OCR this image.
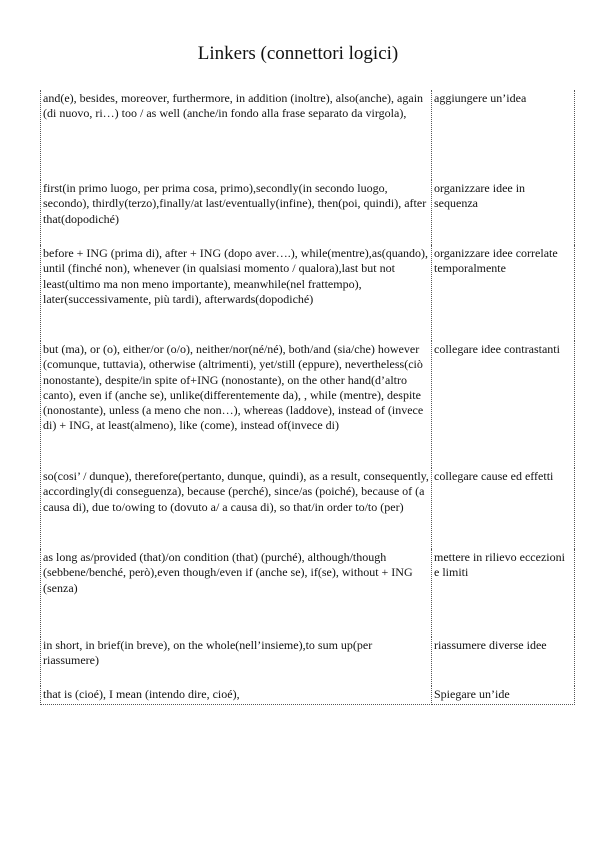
Linkers (connettori logici)
and(e), besides, moreover, furthermore, in addition (inoltre), also(anche), again (di nuovo, ri…) too / as well (anche/in fondo alla frase separato da virgola),	aggiungere un’idea
first(in primo luogo, per prima cosa, primo),secondly(in secondo luogo, secondo), thirdly(terzo),finally/at last/eventually(infine), then(poi, quindi), after that(dopodiché)	organizzare idee in sequenza
before + ING (prima di), after + ING (dopo aver….), while(mentre),as(quando), until (finché non), whenever (in qualsiasi momento / qualora),last but not least(ultimo ma non meno importante), meanwhile(nel frattempo), later(successivamente, più tardi), afterwards(dopodiché)	organizzare idee correlate temporalmente
but (ma), or (o), either/or (o/o), neither/nor(né/né), both/and (sia/che) however (comunque, tuttavia), otherwise (altrimenti), yet/still (eppure), nevertheless(ciò nonostante), despite/in spite of+ING (nonostante), on the other hand(d’altro canto), even if (anche se), unlike(differentemente da), , while (mentre), despite (nonostante), unless (a meno che non…), whereas (laddove), instead of (invece di) + ING, at least(almeno), like (come), instead of(invece di)	collegare idee contrastanti
so(cosi’ / dunque), therefore(pertanto, dunque, quindi), as a result, consequently, accordingly(di conseguenza), because (perché), since/as (poiché), because of (a causa di), due to/owing to (dovuto a/ a causa di), so that/in order to/to (per)	collegare cause ed effetti
as long as/provided (that)/on condition (that) (purché), although/though (sebbene/benché, però),even though/even if (anche se), if(se), without + ING (senza)	mettere in rilievo eccezioni e limiti
in short, in brief(in breve), on the whole(nell’insieme),to sum up(per riassumere)	riassumere diverse idee
that is (cioé), I mean (intendo dire, cioé),	Spiegare un’ide
